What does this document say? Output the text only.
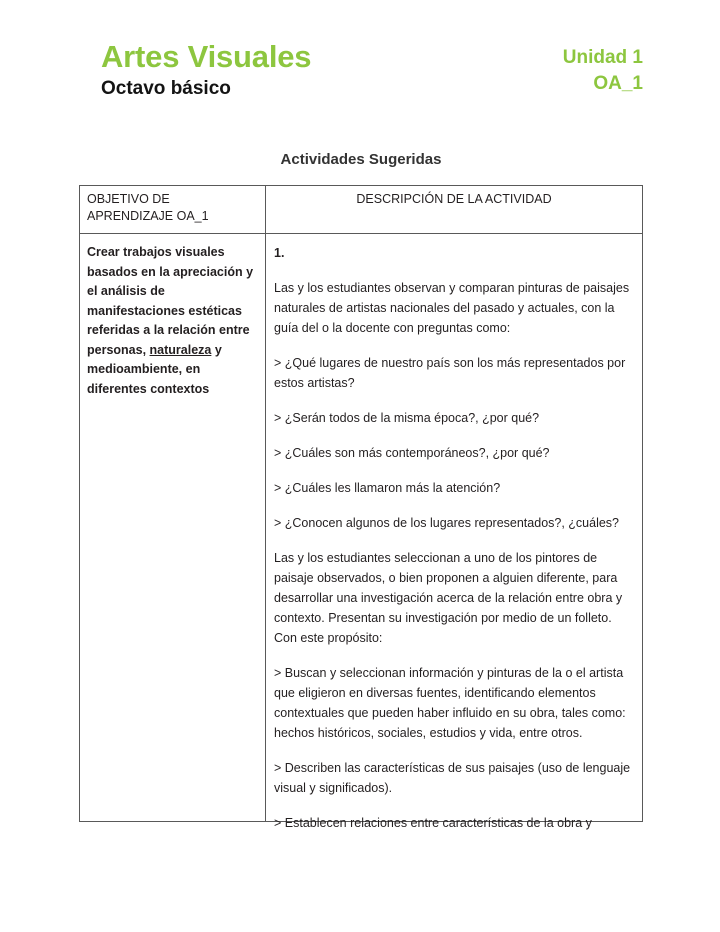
Artes Visuales
Octavo básico
Unidad 1
OA_1
Actividades Sugeridas
OBJETIVO DE APRENDIZAJE OA_1
DESCRIPCIÓN DE LA ACTIVIDAD
Crear trabajos visuales basados en la apreciación y el análisis de manifestaciones estéticas referidas a la relación entre personas, naturaleza y medioambiente, en diferentes contextos
1.

Las y los estudiantes observan y comparan pinturas de paisajes naturales de artistas nacionales del pasado y actuales, con la guía del o la docente con preguntas como:

> ¿Qué lugares de nuestro país son los más representados por estos artistas?

> ¿Serán todos de la misma época?, ¿por qué?

> ¿Cuáles son más contemporáneos?, ¿por qué?

> ¿Cuáles les llamaron más la atención?

> ¿Conocen algunos de los lugares representados?, ¿cuáles?

Las y los estudiantes seleccionan a uno de los pintores de paisaje observados, o bien proponen a alguien diferente, para desarrollar una investigación acerca de la relación entre obra y contexto. Presentan su investigación por medio de un folleto. Con este propósito:

> Buscan y seleccionan información y pinturas de la o el artista que eligieron en diversas fuentes, identificando elementos contextuales que pueden haber influido en su obra, tales como: hechos históricos, sociales, estudios y vida, entre otros.

> Describen las características de sus paisajes (uso de lenguaje visual y significados).

> Establecen relaciones entre características de la obra y
